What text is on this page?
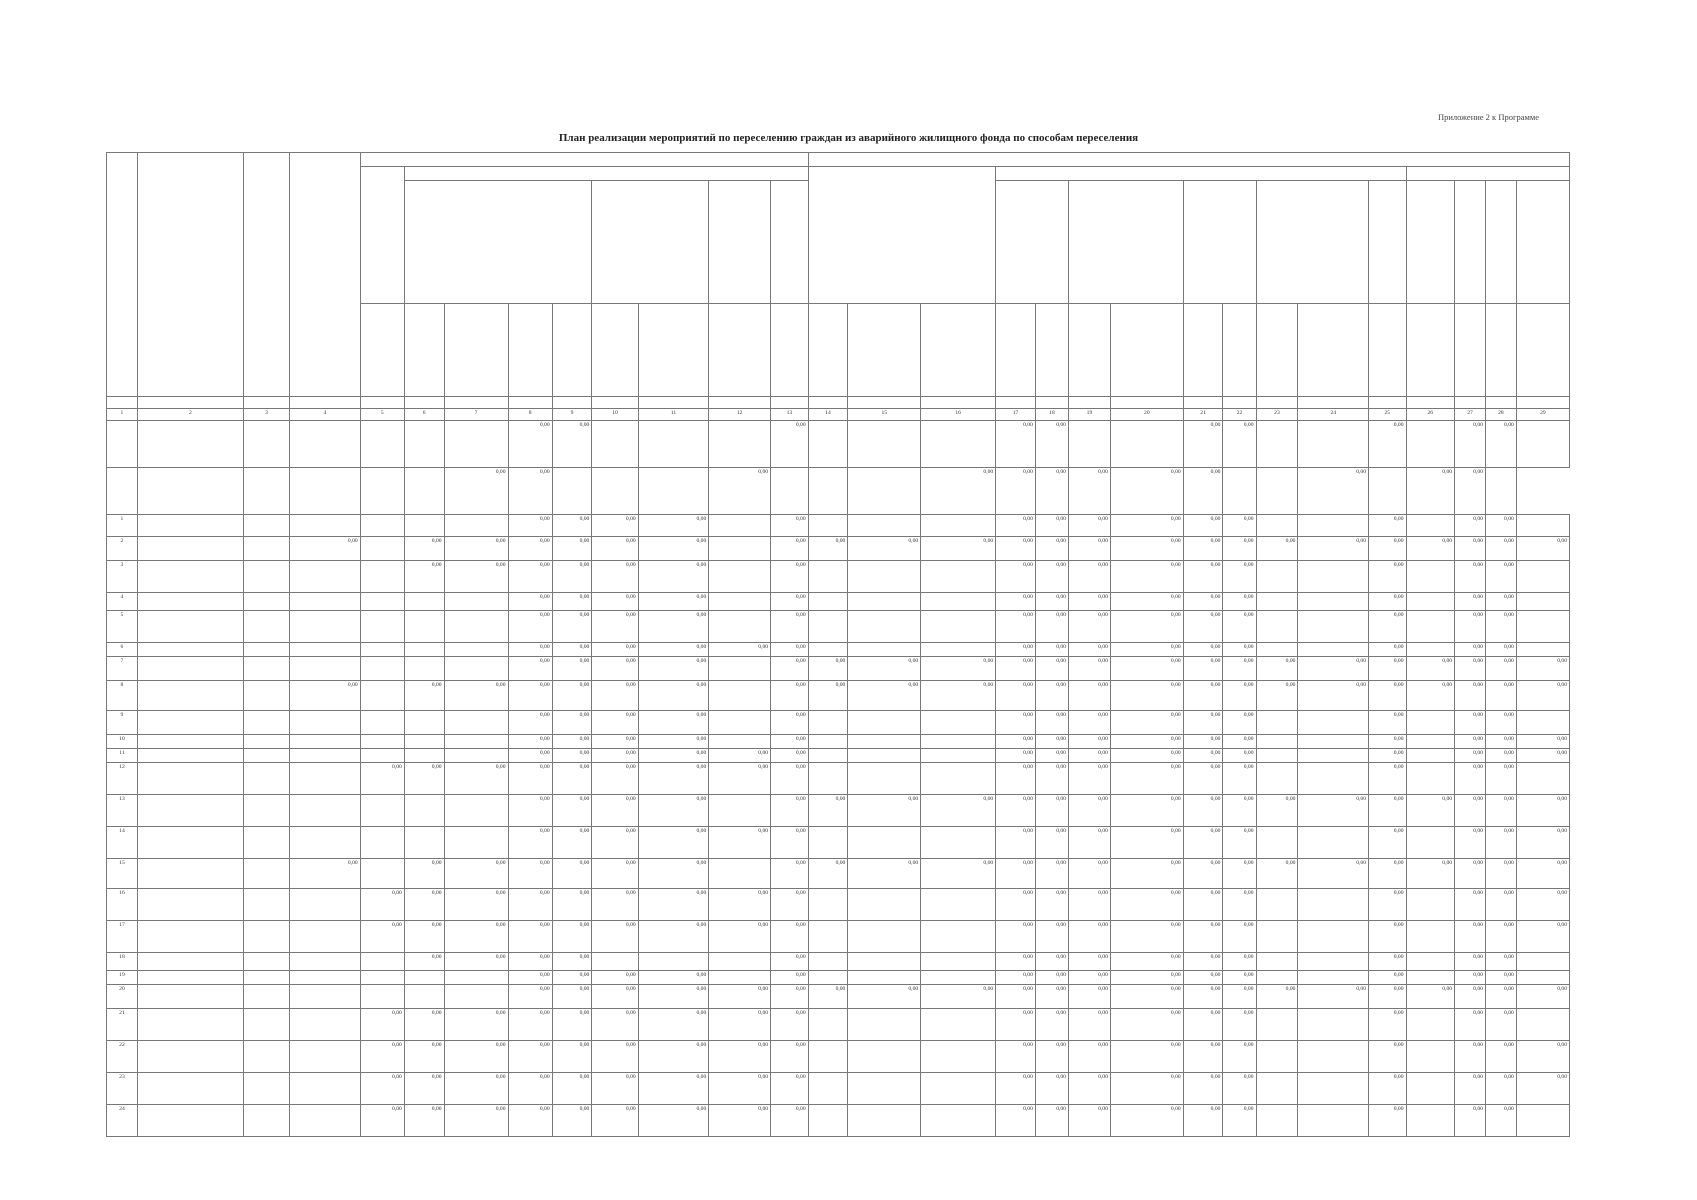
Приложение 2 к Программе
План реализации мероприятий по переселению граждан из аварийного жилищного фонда по способам переселения

1	2	3	4	5	6	7	8	9	10	11	12	13	14	15	16	17	18	19	20	21	22	23	24	25	26	27	28	29
							0,00	0,00				0,00				0,00	0,00			0,00	0,00			0,00		0,00	0,00	
						0,00	0,00				0,00				0,00	0,00	0,00	0,00	0,00	0,00			0,00		0,00	0,00		
1							0,00	0,00	0,00	0,00		0,00				0,00	0,00	0,00	0,00	0,00	0,00			0,00		0,00	0,00	
2			0,00		0,00	0,00	0,00	0,00	0,00	0,00		0,00	0,00	0,00	0,00	0,00	0,00	0,00	0,00	0,00	0,00	0,00	0,00	0,00	0,00	0,00	0,00	0,00
3					0,00	0,00	0,00	0,00	0,00	0,00		0,00				0,00	0,00	0,00	0,00	0,00	0,00			0,00		0,00	0,00	
4							0,00	0,00	0,00	0,00		0,00				0,00	0,00	0,00	0,00	0,00	0,00			0,00		0,00	0,00	
5							0,00	0,00	0,00	0,00		0,00				0,00	0,00	0,00	0,00	0,00	0,00			0,00		0,00	0,00	
6							0,00	0,00	0,00	0,00	0,00	0,00				0,00	0,00	0,00	0,00	0,00	0,00			0,00		0,00	0,00	
7							0,00	0,00	0,00	0,00		0,00	0,00	0,00	0,00	0,00	0,00	0,00	0,00	0,00	0,00	0,00	0,00	0,00	0,00	0,00	0,00	0,00
8			0,00		0,00	0,00	0,00	0,00	0,00	0,00		0,00	0,00	0,00	0,00	0,00	0,00	0,00	0,00	0,00	0,00	0,00	0,00	0,00	0,00	0,00	0,00	0,00
9							0,00	0,00	0,00	0,00		0,00				0,00	0,00	0,00	0,00	0,00	0,00			0,00		0,00	0,00	
10							0,00	0,00	0,00	0,00		0,00				0,00	0,00	0,00	0,00	0,00	0,00			0,00		0,00	0,00	0,00
11							0,00	0,00	0,00	0,00	0,00	0,00				0,00	0,00	0,00	0,00	0,00	0,00			0,00		0,00	0,00	0,00
12				0,00	0,00	0,00	0,00	0,00	0,00	0,00	0,00	0,00				0,00	0,00	0,00	0,00	0,00	0,00			0,00		0,00	0,00	
13							0,00	0,00	0,00	0,00		0,00	0,00	0,00	0,00	0,00	0,00	0,00	0,00	0,00	0,00	0,00	0,00	0,00	0,00	0,00	0,00	0,00
14							0,00	0,00	0,00	0,00	0,00	0,00				0,00	0,00	0,00	0,00	0,00	0,00			0,00		0,00	0,00	0,00
15			0,00		0,00	0,00	0,00	0,00	0,00	0,00		0,00	0,00	0,00	0,00	0,00	0,00	0,00	0,00	0,00	0,00	0,00	0,00	0,00	0,00	0,00	0,00	0,00
16				0,00	0,00	0,00	0,00	0,00	0,00	0,00	0,00	0,00				0,00	0,00	0,00	0,00	0,00	0,00			0,00		0,00	0,00	0,00
17				0,00	0,00	0,00	0,00	0,00	0,00	0,00	0,00	0,00				0,00	0,00	0,00	0,00	0,00	0,00			0,00		0,00	0,00	0,00
18					0,00	0,00	0,00	0,00				0,00				0,00	0,00	0,00	0,00	0,00	0,00			0,00		0,00	0,00	
19							0,00	0,00	0,00	0,00		0,00				0,00	0,00	0,00	0,00	0,00	0,00			0,00		0,00	0,00	
20							0,00	0,00	0,00	0,00	0,00	0,00	0,00	0,00	0,00	0,00	0,00	0,00	0,00	0,00	0,00	0,00	0,00	0,00	0,00	0,00	0,00	0,00
21				0,00	0,00	0,00	0,00	0,00	0,00	0,00	0,00	0,00				0,00	0,00	0,00	0,00	0,00	0,00			0,00		0,00	0,00	
22				0,00	0,00	0,00	0,00	0,00	0,00	0,00	0,00	0,00				0,00	0,00	0,00	0,00	0,00	0,00			0,00		0,00	0,00	0,00
23				0,00	0,00	0,00	0,00	0,00	0,00	0,00	0,00	0,00				0,00	0,00	0,00	0,00	0,00	0,00			0,00		0,00	0,00	0,00
24				0,00	0,00	0,00	0,00	0,00	0,00	0,00	0,00	0,00				0,00	0,00	0,00	0,00	0,00	0,00			0,00		0,00	0,00	
